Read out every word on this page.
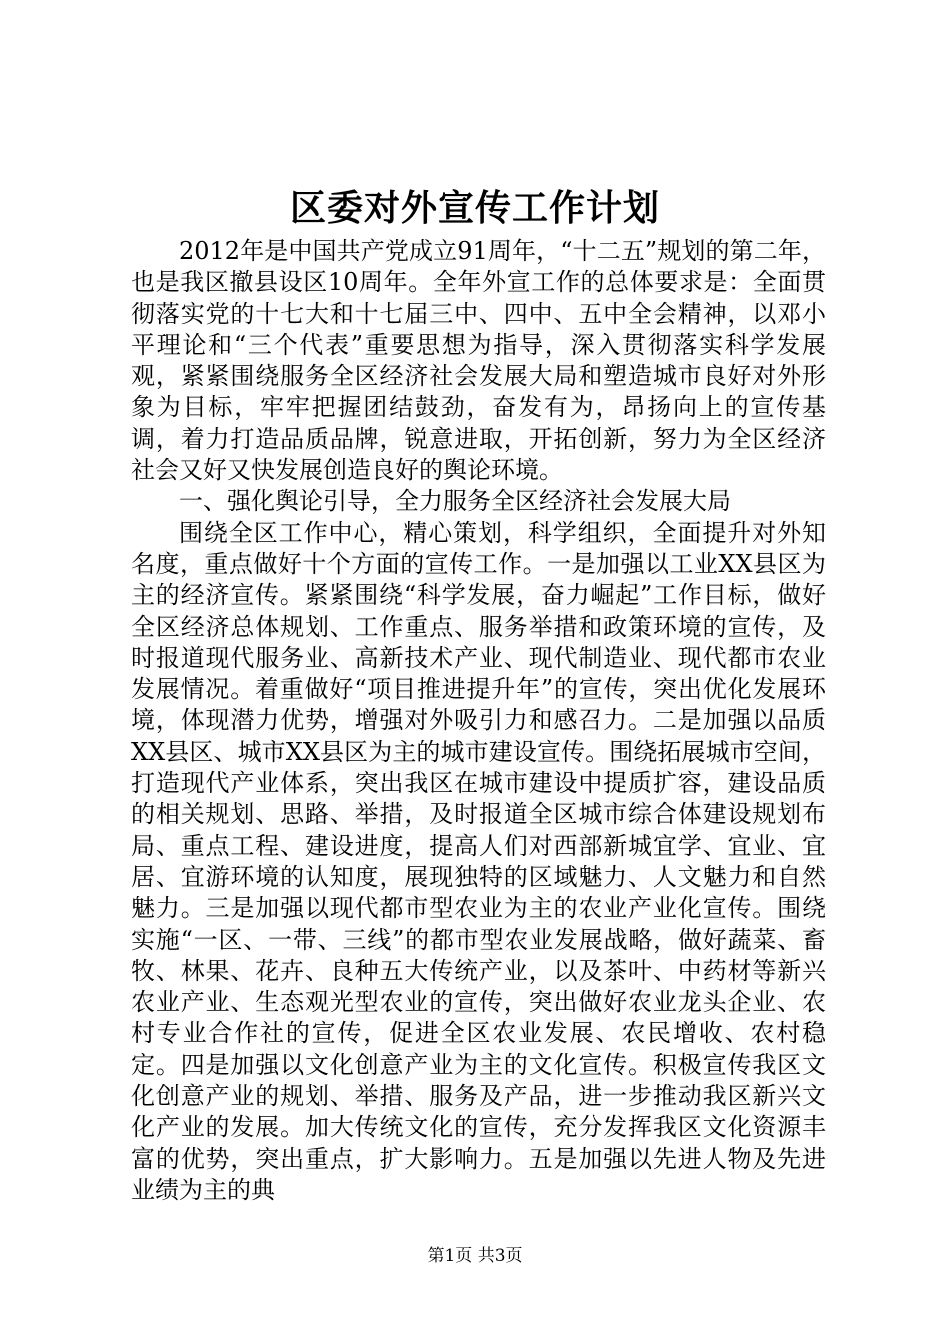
区委对外宣传工作计划

2012年是中国共产党成立91周年，“十二五”规划的第二年，也是我区撤县设区10周年。全年外宣工作的总体要求是：全面贯彻落实党的十七大和十七届三中、四中、五中全会精神，以邓小平理论和“三个代表”重要思想为指导，深入贯彻落实科学发展观，紧紧围绕服务全区经济社会发展大局和塑造城市良好对外形象为目标，牢牢把握团结鼓劲，奋发有为，昂扬向上的宣传基调，着力打造品质品牌，锐意进取，开拓创新，努力为全区经济社会又好又快发展创造良好的舆论环境。

一、强化舆论引导，全力服务全区经济社会发展大局

围绕全区工作中心，精心策划，科学组织，全面提升对外知名度，重点做好十个方面的宣传工作。一是加强以工业XX县区为主的经济宣传。紧紧围绕“科学发展，奋力崛起”工作目标，做好全区经济总体规划、工作重点、服务举措和政策环境的宣传，及时报道现代服务业、高新技术产业、现代制造业、现代都市农业发展情况。着重做好“项目推进提升年”的宣传，突出优化发展环境，体现潜力优势，增强对外吸引力和感召力。二是加强以品质XX县区、城市XX县区为主的城市建设宣传。围绕拓展城市空间，打造现代产业体系，突出我区在城市建设中提质扩容，建设品质的相关规划、思路、举措，及时报道全区城市综合体建设规划布局、重点工程、建设进度，提高人们对西部新城宜学、宜业、宜居、宜游环境的认知度，展现独特的区域魅力、人文魅力和自然魅力。三是加强以现代都市型农业为主的农业产业化宣传。围绕实施“一区、一带、三线”的都市型农业发展战略，做好蔬菜、畜牧、林果、花卉、良种五大传统产业，以及茶叶、中药材等新兴农业产业、生态观光型农业的宣传，突出做好农业龙头企业、农村专业合作社的宣传，促进全区农业发展、农民增收、农村稳定。四是加强以文化创意产业为主的文化宣传。积极宣传我区文化创意产业的规划、举措、服务及产品，进一步推动我区新兴文化产业的发展。加大传统文化的宣传，充分发挥我区文化资源丰富的优势，突出重点，扩大影响力。五是加强以先进人物及先进业绩为主的典

第1页 共3页
